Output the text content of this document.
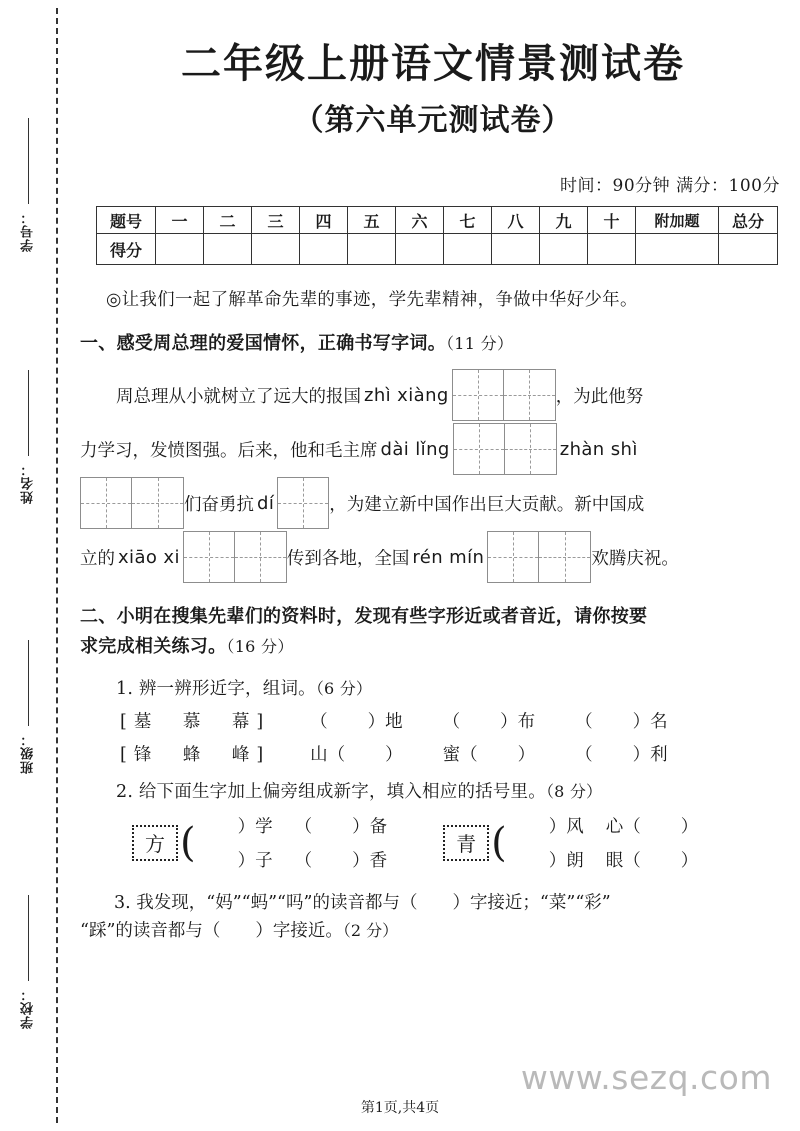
学号：
姓名：
班级：
学校：
二年级上册语文情景测试卷
（第六单元测试卷）
时间：90分钟 满分：100分
题号	一	二	三	四	五	六	七	八	九	十	附加题	总分
得分												
◎让我们一起了解革命先辈的事迹，学先辈精神，争做中华好少年。
一、感受周总理的爱国情怀，正确书写字词。（11 分）
周总理从小就树立了远大的报国 zhì xiàng	，为此他努
力学习，发愤图强。后来，他和毛主席 dài lǐng	zhàn shì
们奋勇抗 dí	，为建立新中国作出巨大贡献。新中国成
立的 xiāo xi	传到各地，全国 rén mín	欢腾庆祝。
二、小明在搜集先辈们的资料时，发现有些字形近或者音近，请你按要
求完成相关练习。（16 分）
1. 辨一辨形近字，组词。（6 分）
[墓　慕　幕] （ ）地 （ ）布 （ ）名
[锋　蜂　峰] 山（ ） 蜜（ ） （ ）利
2. 给下面生字加上偏旁组成新字，填入相应的括号里。（8 分）
方 ( ）学 （ ）备
）子 （ ）香
青 ( ）风 心（ ）
）朗 眼（ ）
3. 我发现，“妈”“蚂”“吗”的读音都与（　　）字接近；“菜”“彩”
“踩”的读音都与（　　）字接近。（2 分）
www.sezq.com
第1页,共4页
